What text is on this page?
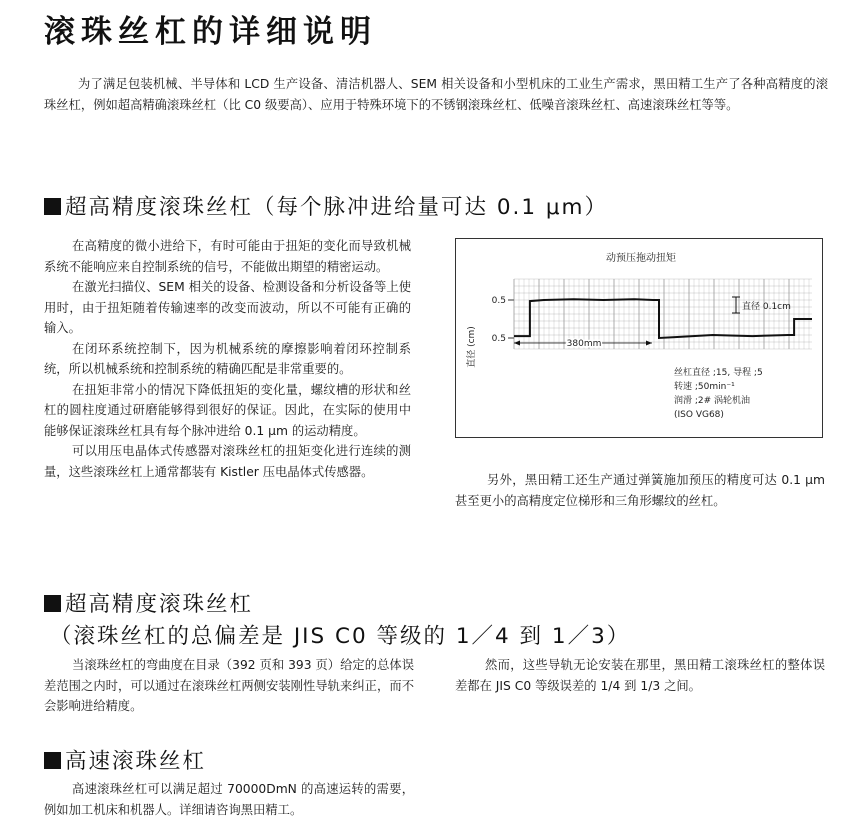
滚珠丝杠的详细说明

为了满足包装机械、半导体和 LCD 生产设备、清洁机器人、SEM 相关设备和小型机床的工业生产需求，黑田精工生产了各种高精度的滚珠丝杠，例如超高精确滚珠丝杠（比 C0 级要高）、应用于特殊环境下的不锈钢滚珠丝杠、低噪音滚珠丝杠、高速滚珠丝杠等等。

超高精度滚珠丝杠（每个脉冲进给量可达 0.1 μm）

在高精度的微小进给下，有时可能由于扭矩的变化而导致机械系统不能响应来自控制系统的信号，不能做出期望的精密运动。

在激光扫描仪、SEM 相关的设备、检测设备和分析设备等上使用时，由于扭矩随着传输速率的改变而波动，所以不可能有正确的输入。

在闭环系统控制下，因为机械系统的摩擦影响着闭环控制系统，所以机械系统和控制系统的精确匹配是非常重要的。

在扭矩非常小的情况下降低扭矩的变化量，螺纹槽的形状和丝杠的圆柱度通过研磨能够得到很好的保证。因此，在实际的使用中能够保证滚珠丝杠具有每个脉冲进给 0.1 μm 的运动精度。

可以用压电晶体式传感器对滚珠丝杠的扭矩变化进行连续的测量，这些滚珠丝杠上通常都装有 Kistler 压电晶体式传感器。

动预压拖动扭矩
直径 (cm)
0.5
0.5
直径 0.1cm
380mm
丝杠直径 ;15, 导程 ;5
转速 ;50min⁻¹
润滑 ;2# 涡轮机油
(ISO VG68)

另外，黑田精工还生产通过弹簧施加预压的精度可达 0.1 μm 甚至更小的高精度定位梯形和三角形螺纹的丝杠。

超高精度滚珠丝杠
（滚珠丝杠的总偏差是 JIS C0 等级的 1／4 到 1／3）

当滚珠丝杠的弯曲度在目录（392 页和 393 页）给定的总体误差范围之内时，可以通过在滚珠丝杠两侧安装刚性导轨来纠正，而不会影响进给精度。

然而，这些导轨无论安装在那里，黑田精工滚珠丝杠的整体误差都在 JIS C0 等级误差的 1/4 到 1/3 之间。

高速滚珠丝杠

高速滚珠丝杠可以满足超过 70000DmN 的高速运转的需要，例如加工机床和机器人。详细请咨询黑田精工。
